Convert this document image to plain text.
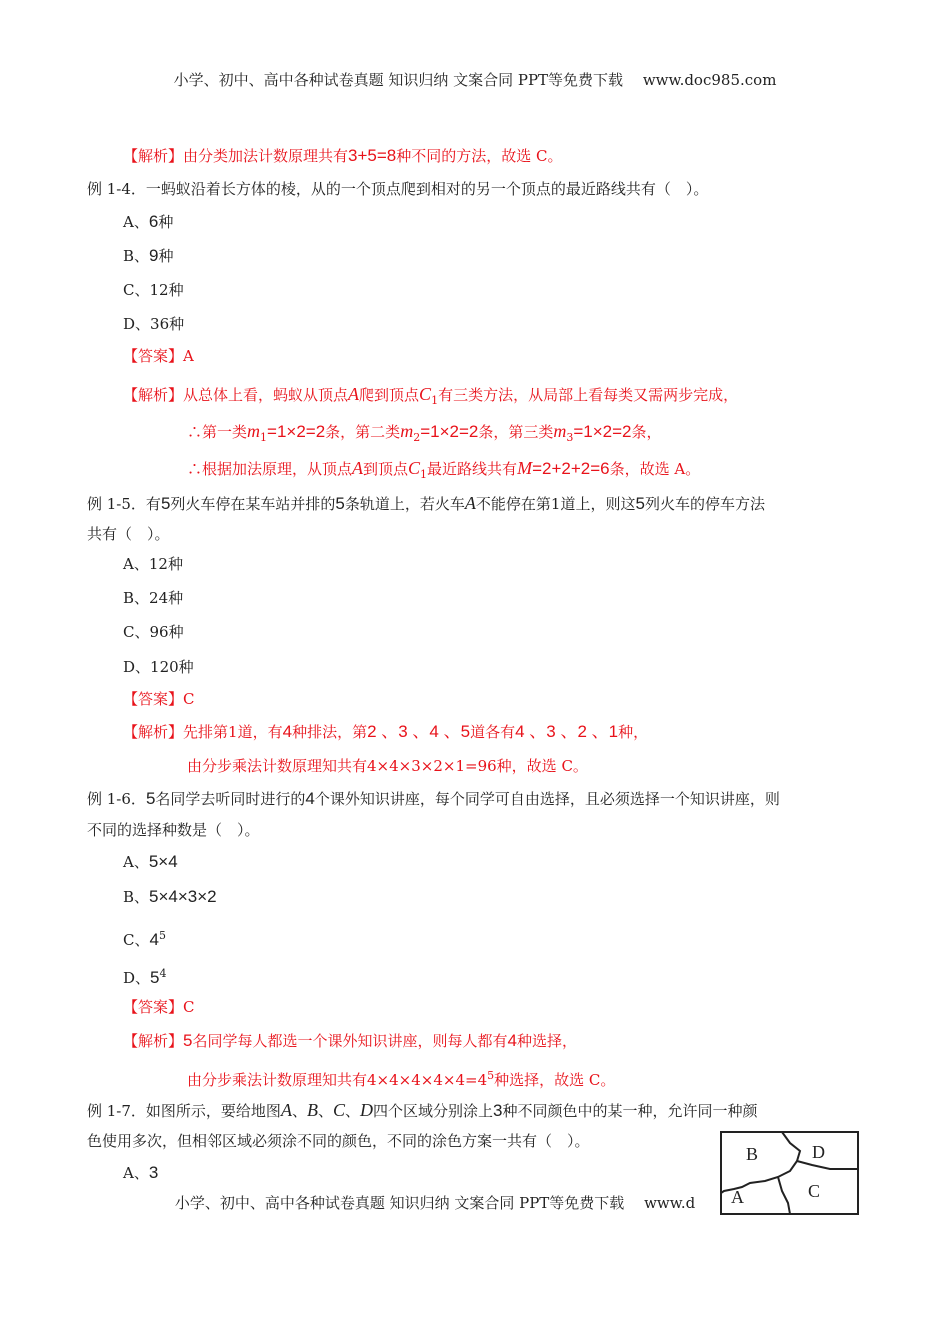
小学、初中、高中各种试卷真题 知识归纳 文案合同 PPT等免费下载　 www.doc985.com
【解析】由分类加法计数原理共有3+5=8种不同的方法，故选 C。
例 1-4．一蚂蚁沿着长方体的棱，从的一个顶点爬到相对的另一个顶点的最近路线共有（　）。
A、6种
B、9种
C、12种
D、36种
【答案】A
【解析】从总体上看，蚂蚁从顶点A爬到顶点$C_1$有三类方法，从局部上看每类又需两步完成，
∴第一类$m_1=1\times 2=2$条，第二类$m_2=1\times 2=2$条，第三类$m_3=1\times 2=2$条，
∴根据加法原理，从顶点A到顶点$C_1$最近路线共有M=2+2+2=6条，故选 A。
例 1-5．有5列火车停在某车站并排的5条轨道上，若火车A不能停在第1道上，则这5列火车的停车方法
共有（　）。
A、12种
B、24种
C、96种
D、120种
【答案】C
【解析】先排第1道，有4种排法，第2 、3 、4 、5道各有4 、3 、2 、1种，
由分步乘法计数原理知共有4×4×3×2×1=96种，故选 C。
例 1-6．5名同学去听同时进行的4个课外知识讲座，每个同学可自由选择，且必须选择一个知识讲座，则
不同的选择种数是（　）。
A、5×4
B、5×4×3×2
C、$4^5$
D、$5^4$
【答案】C
【解析】5名同学每人都选一个课外知识讲座，则每人都有4种选择，
由分步乘法计数原理知共有$4\times 4\times 4\times 4\times 4=4^5$种选择，故选 C。
例 1-7．如图所示，要给地图A、B、C、D四个区域分别涂上3种不同颜色中的某一种，允许同一种颜
色使用多次，但相邻区域必须涂不同的颜色，不同的涂色方案一共有（　）。
A、3
B	D
A	C
小学、初中、高中各种试卷真题 知识归纳 文案合同 PPT等免费下载　 www.d
